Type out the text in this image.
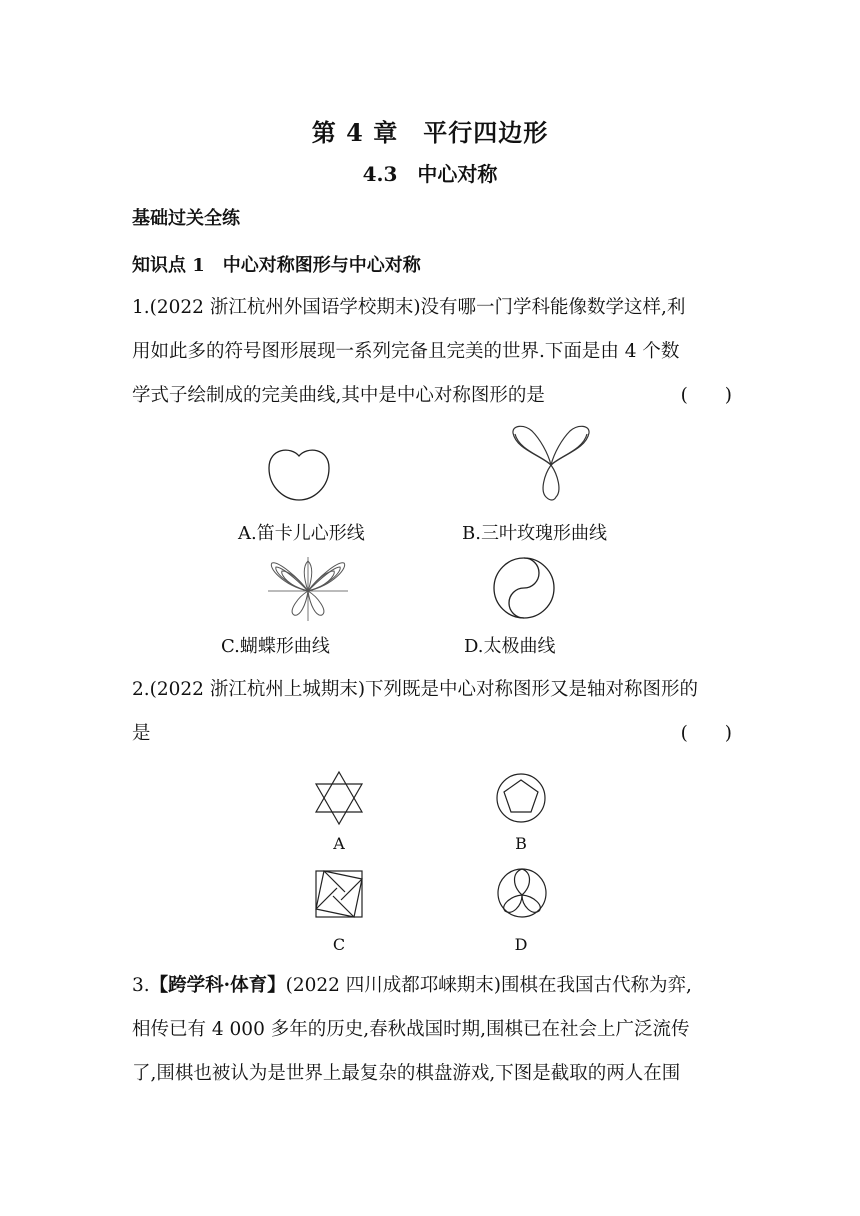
第 4 章　平行四边形
4.3　中心对称
基础过关全练
知识点 1　中心对称图形与中心对称
1.(2022 浙江杭州外国语学校期末)没有哪一门学科能像数学这样,利
用如此多的符号图形展现一系列完备且完美的世界.下面是由 4 个数
学式子绘制成的完美曲线,其中是中心对称图形的是	(　　)
A.笛卡儿心形线	B.三叶玫瑰形曲线
C.蝴蝶形曲线	D.太极曲线
2.(2022 浙江杭州上城期末)下列既是中心对称图形又是轴对称图形的
是	(　　)
A	B
C	D
3.【跨学科·体育】(2022 四川成都邛崃期末)围棋在我国古代称为弈,
相传已有 4 000 多年的历史,春秋战国时期,围棋已在社会上广泛流传
了,围棋也被认为是世界上最复杂的棋盘游戏,下图是截取的两人在围
